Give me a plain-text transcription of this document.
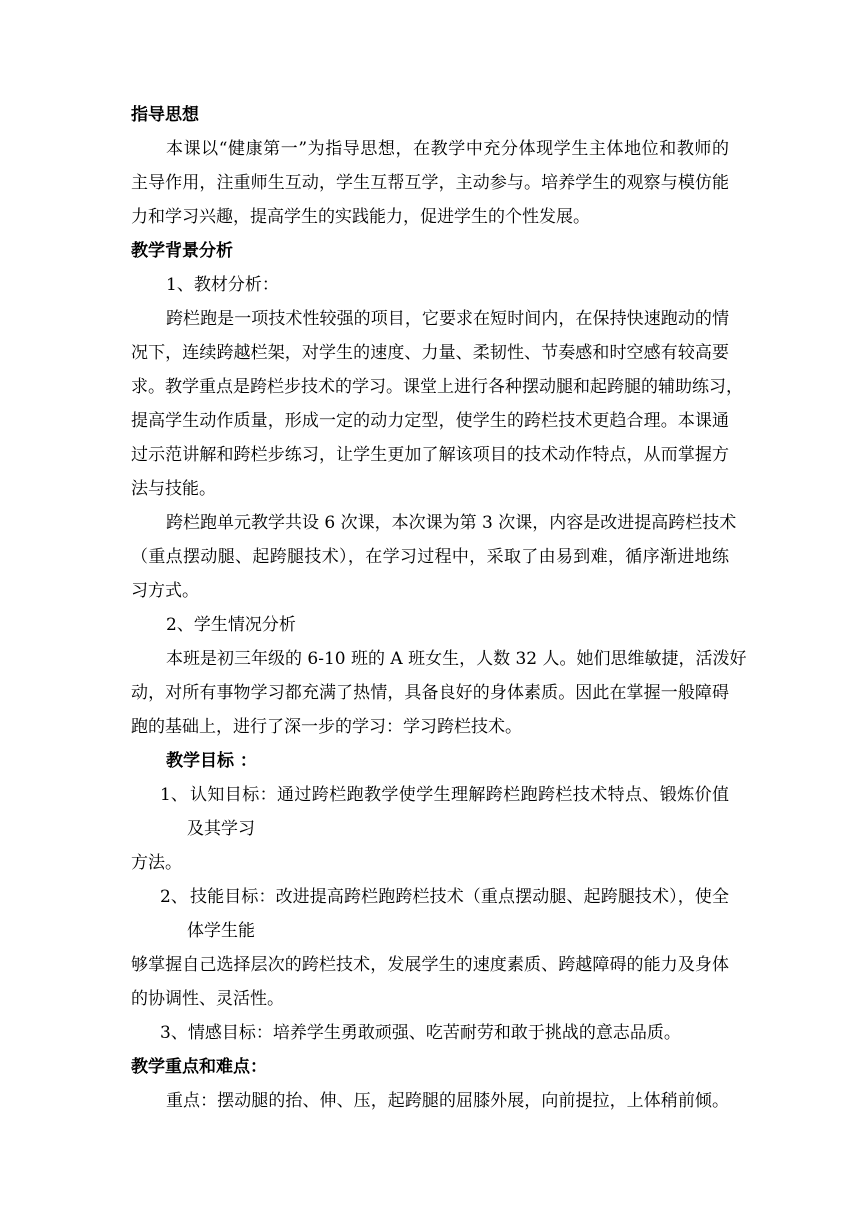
指导思想
本课以“健康第一”为指导思想，在教学中充分体现学生主体地位和教师的
主导作用，注重师生互动，学生互帮互学，主动参与。培养学生的观察与模仿能
力和学习兴趣，提高学生的实践能力，促进学生的个性发展。
教学背景分析
1、教材分析：
跨栏跑是一项技术性较强的项目，它要求在短时间内，在保持快速跑动的情
况下，连续跨越栏架，对学生的速度、力量、柔韧性、节奏感和时空感有较高要
求。教学重点是跨栏步技术的学习。课堂上进行各种摆动腿和起跨腿的辅助练习，
提高学生动作质量，形成一定的动力定型，使学生的跨栏技术更趋合理。本课通
过示范讲解和跨栏步练习，让学生更加了解该项目的技术动作特点，从而掌握方
法与技能。
跨栏跑单元教学共设 6 次课，本次课为第 3 次课，内容是改进提高跨栏技术
（重点摆动腿、起跨腿技术），在学习过程中，采取了由易到难，循序渐进地练
习方式。
2、学生情况分析
本班是初三年级的 6-10 班的 A 班女生，人数 32 人。她们思维敏捷，活泼好
动，对所有事物学习都充满了热情，具备良好的身体素质。因此在掌握一般障碍
跑的基础上，进行了深一步的学习：学习跨栏技术。
教学目标 ：
1、 认知目标：通过跨栏跑教学使学生理解跨栏跑跨栏技术特点、锻炼价值
及其学习
方法。
2、 技能目标：改进提高跨栏跑跨栏技术（重点摆动腿、起跨腿技术），使全
体学生能
够掌握自己选择层次的跨栏技术，发展学生的速度素质、跨越障碍的能力及身体
的协调性、灵活性。
3、情感目标：培养学生勇敢顽强、吃苦耐劳和敢于挑战的意志品质。
教学重点和难点：
重点：摆动腿的抬、伸、压，起跨腿的屈膝外展，向前提拉，上体稍前倾。
